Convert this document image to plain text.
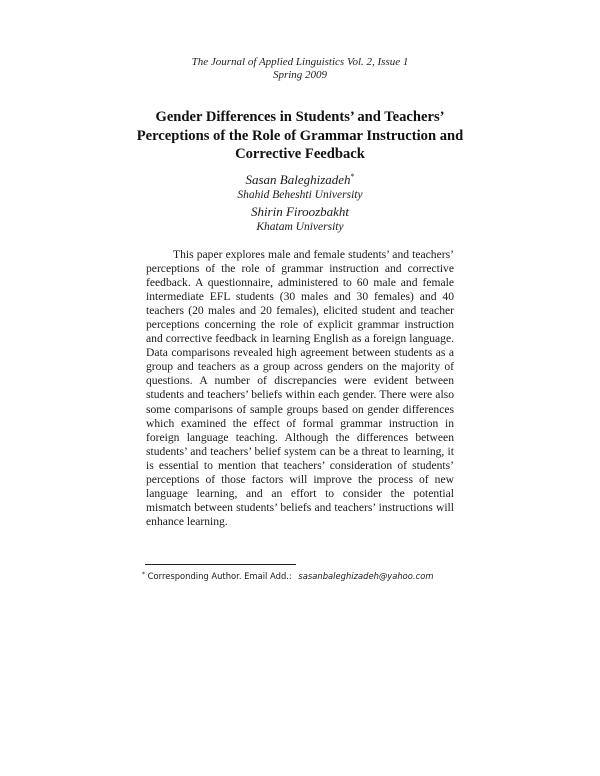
The Journal of Applied Linguistics Vol. 2, Issue 1
Spring 2009
Gender Differences in Students’ and Teachers’
Perceptions of the Role of Grammar Instruction and
Corrective Feedback
Sasan Baleghizadeh*
Shahid Beheshti University
Shirin Firoozbakht
Khatam University

This paper explores male and female students’ and teachers’ perceptions of the role of grammar instruction and corrective feedback. A questionnaire, administered to 60 male and female intermediate EFL students (30 males and 30 females) and 40 teachers (20 males and 20 females), elicited student and teacher perceptions concerning the role of explicit grammar instruction and corrective feedback in learning English as a foreign language. Data comparisons revealed high agreement between students as a group and teachers as a group across genders on the majority of questions. A number of discrepancies were evident between students and teachers’ beliefs within each gender. There were also some comparisons of sample groups based on gender differences which examined the effect of formal grammar instruction in foreign language teaching. Although the differences between students’ and teachers’ belief system can be a threat to learning, it is essential to mention that teachers’ consideration of students’ perceptions of those factors will improve the process of new language learning, and an effort to consider the potential mismatch between students’ beliefs and teachers’ instructions will enhance learning.

* Corresponding Author. Email Add.: sasanbaleghizadeh@yahoo.com
